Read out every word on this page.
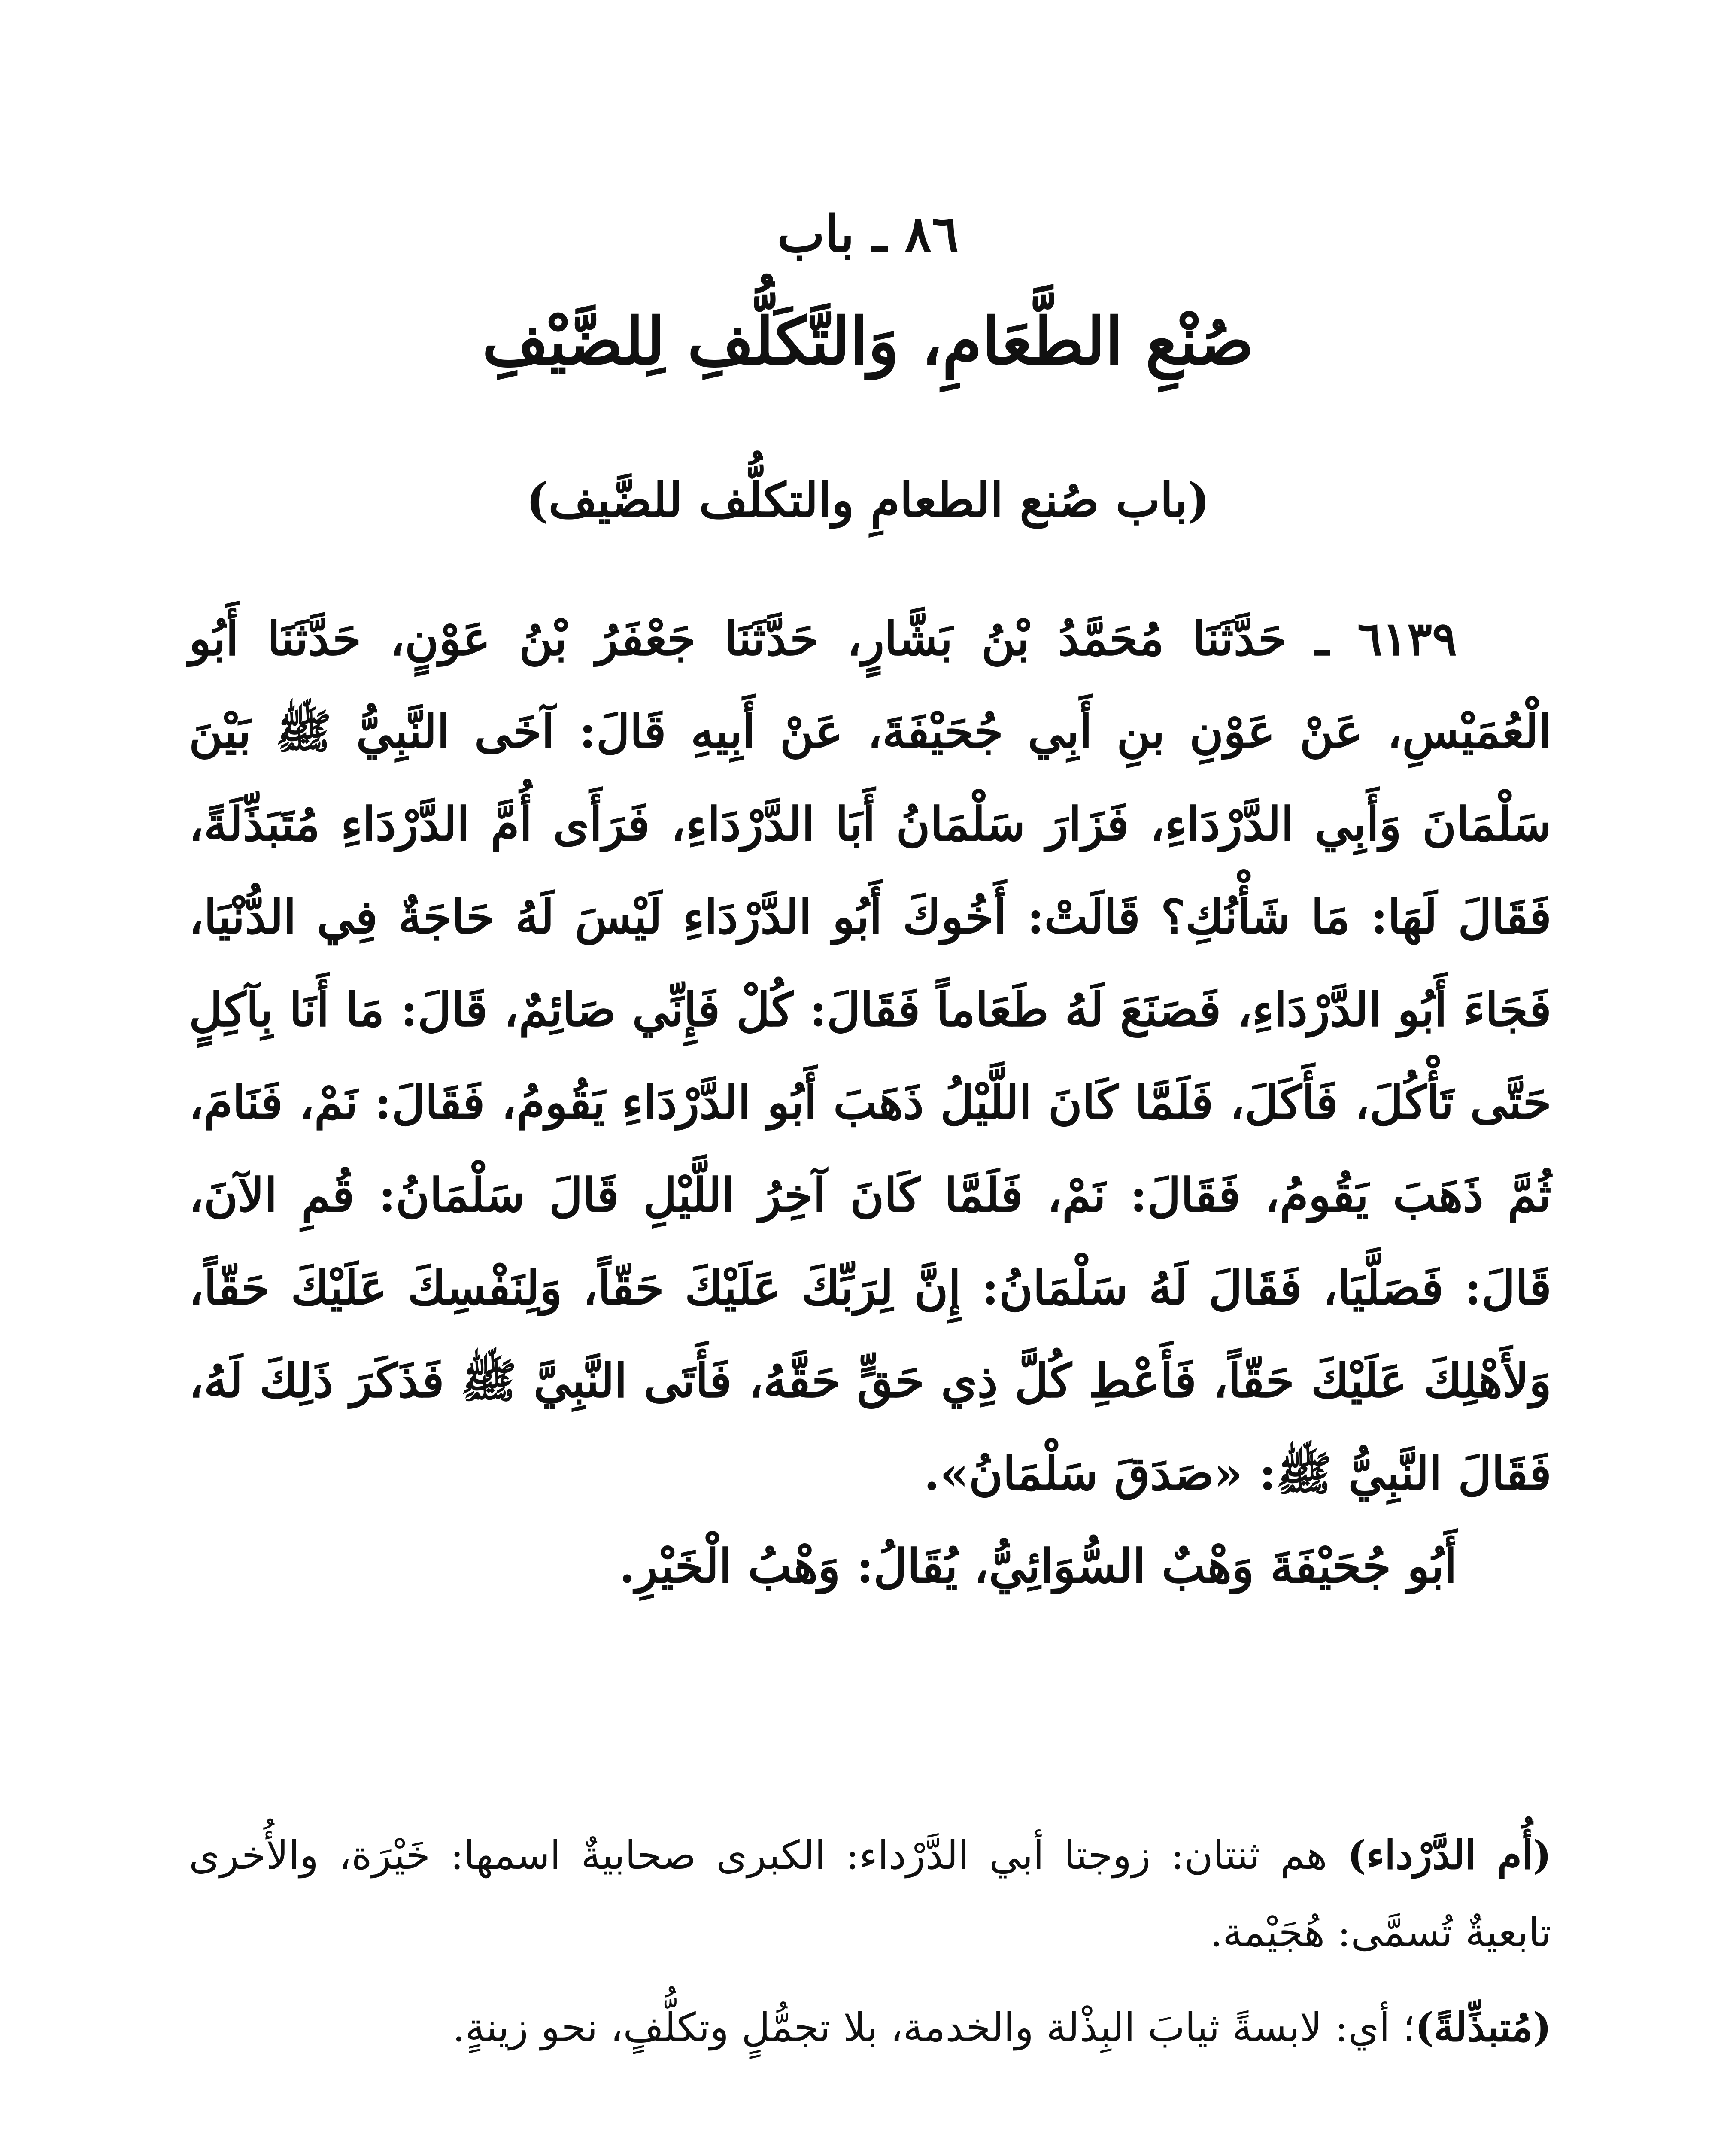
٨٦ ـ باب
صُنْعِ الطَّعَامِ، وَالتَّكَلُّفِ لِلضَّيْفِ
(باب صُنع الطعامِ والتكلُّف للضَّيف)

٦١٣٩ ـ حَدَّثَنَا مُحَمَّدُ بْنُ بَشَّارٍ، حَدَّثَنَا جَعْفَرُ بْنُ عَوْنٍ، حَدَّثَنَا أَبُو الْعُمَيْسِ، عَنْ عَوْنِ بنِ أَبِي جُحَيْفَةَ، عَنْ أَبِيهِ قَالَ: آخَى النَّبِيُّ ﷺ بَيْنَ سَلْمَانَ وَأَبِي الدَّرْدَاءِ، فَزَارَ سَلْمَانُ أَبَا الدَّرْدَاءِ، فَرَأَى أُمَّ الدَّرْدَاءِ مُتَبَذِّلَةً، فَقَالَ لَهَا: مَا شَأْنُكِ؟ قَالَتْ: أَخُوكَ أَبُو الدَّرْدَاءِ لَيْسَ لَهُ حَاجَةٌ فِي الدُّنْيَا، فَجَاءَ أَبُو الدَّرْدَاءِ، فَصَنَعَ لَهُ طَعَاماً فَقَالَ: كُلْ فَإِنِّي صَائِمٌ، قَالَ: مَا أَنَا بِآكِلٍ حَتَّى تَأْكُلَ، فَأَكَلَ، فَلَمَّا كَانَ اللَّيْلُ ذَهَبَ أَبُو الدَّرْدَاءِ يَقُومُ، فَقَالَ: نَمْ، فَنَامَ، ثُمَّ ذَهَبَ يَقُومُ، فَقَالَ: نَمْ، فَلَمَّا كَانَ آخِرُ اللَّيْلِ قَالَ سَلْمَانُ: قُمِ الآنَ، قَالَ: فَصَلَّيَا، فَقَالَ لَهُ سَلْمَانُ: إِنَّ لِرَبِّكَ عَلَيْكَ حَقّاً، وَلِنَفْسِكَ عَلَيْكَ حَقّاً، وَلأَهْلِكَ عَلَيْكَ حَقّاً، فَأَعْطِ كُلَّ ذِي حَقٍّ حَقَّهُ، فَأَتَى النَّبِيَّ ﷺ فَذَكَرَ ذَلِكَ لَهُ، فَقَالَ النَّبِيُّ ﷺ: «صَدَقَ سَلْمَانُ».

أَبُو جُحَيْفَةَ وَهْبٌ السُّوَائِيُّ، يُقَالُ: وَهْبُ الْخَيْرِ.

(أُم الدَّرْداء) هم ثنتان: زوجتا أبي الدَّرْداء: الكبرى صحابيةٌ اسمها: خَيْرَة، والأُخرى تابعيةٌ تُسمَّى: هُجَيْمة.

(مُتبذِّلةً)؛ أي: لابسةً ثيابَ البِذْلة والخدمة، بلا تجمُّلٍ وتكلُّفٍ، نحو زينةٍ.
